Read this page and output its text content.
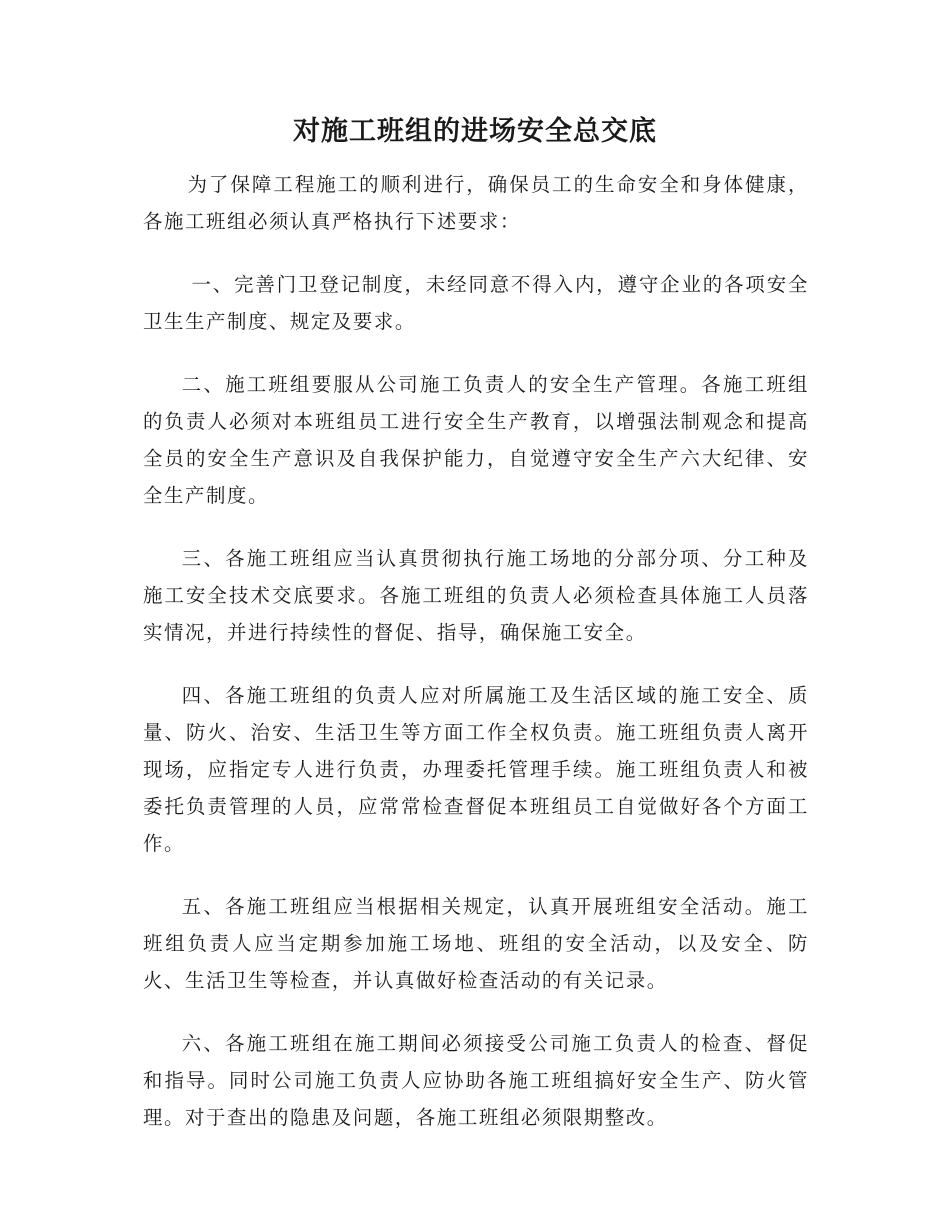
对施工班组的进场安全总交底

为了保障工程施工的顺利进行，确保员工的生命安全和身体健康，各施工班组必须认真严格执行下述要求：

一、完善门卫登记制度，未经同意不得入内，遵守企业的各项安全卫生生产制度、规定及要求。

二、施工班组要服从公司施工负责人的安全生产管理。各施工班组的负责人必须对本班组员工进行安全生产教育，以增强法制观念和提高全员的安全生产意识及自我保护能力，自觉遵守安全生产六大纪律、安全生产制度。

三、各施工班组应当认真贯彻执行施工场地的分部分项、分工种及施工安全技术交底要求。各施工班组的负责人必须检查具体施工人员落实情况，并进行持续性的督促、指导，确保施工安全。

四、各施工班组的负责人应对所属施工及生活区域的施工安全、质量、防火、治安、生活卫生等方面工作全权负责。施工班组负责人离开现场，应指定专人进行负责，办理委托管理手续。施工班组负责人和被委托负责管理的人员，应常常检查督促本班组员工自觉做好各个方面工作。

五、各施工班组应当根据相关规定，认真开展班组安全活动。施工班组负责人应当定期参加施工场地、班组的安全活动，以及安全、防火、生活卫生等检查，并认真做好检查活动的有关记录。

六、各施工班组在施工期间必须接受公司施工负责人的检查、督促和指导。同时公司施工负责人应协助各施工班组搞好安全生产、防火管理。对于查出的隐患及问题，各施工班组必须限期整改。
